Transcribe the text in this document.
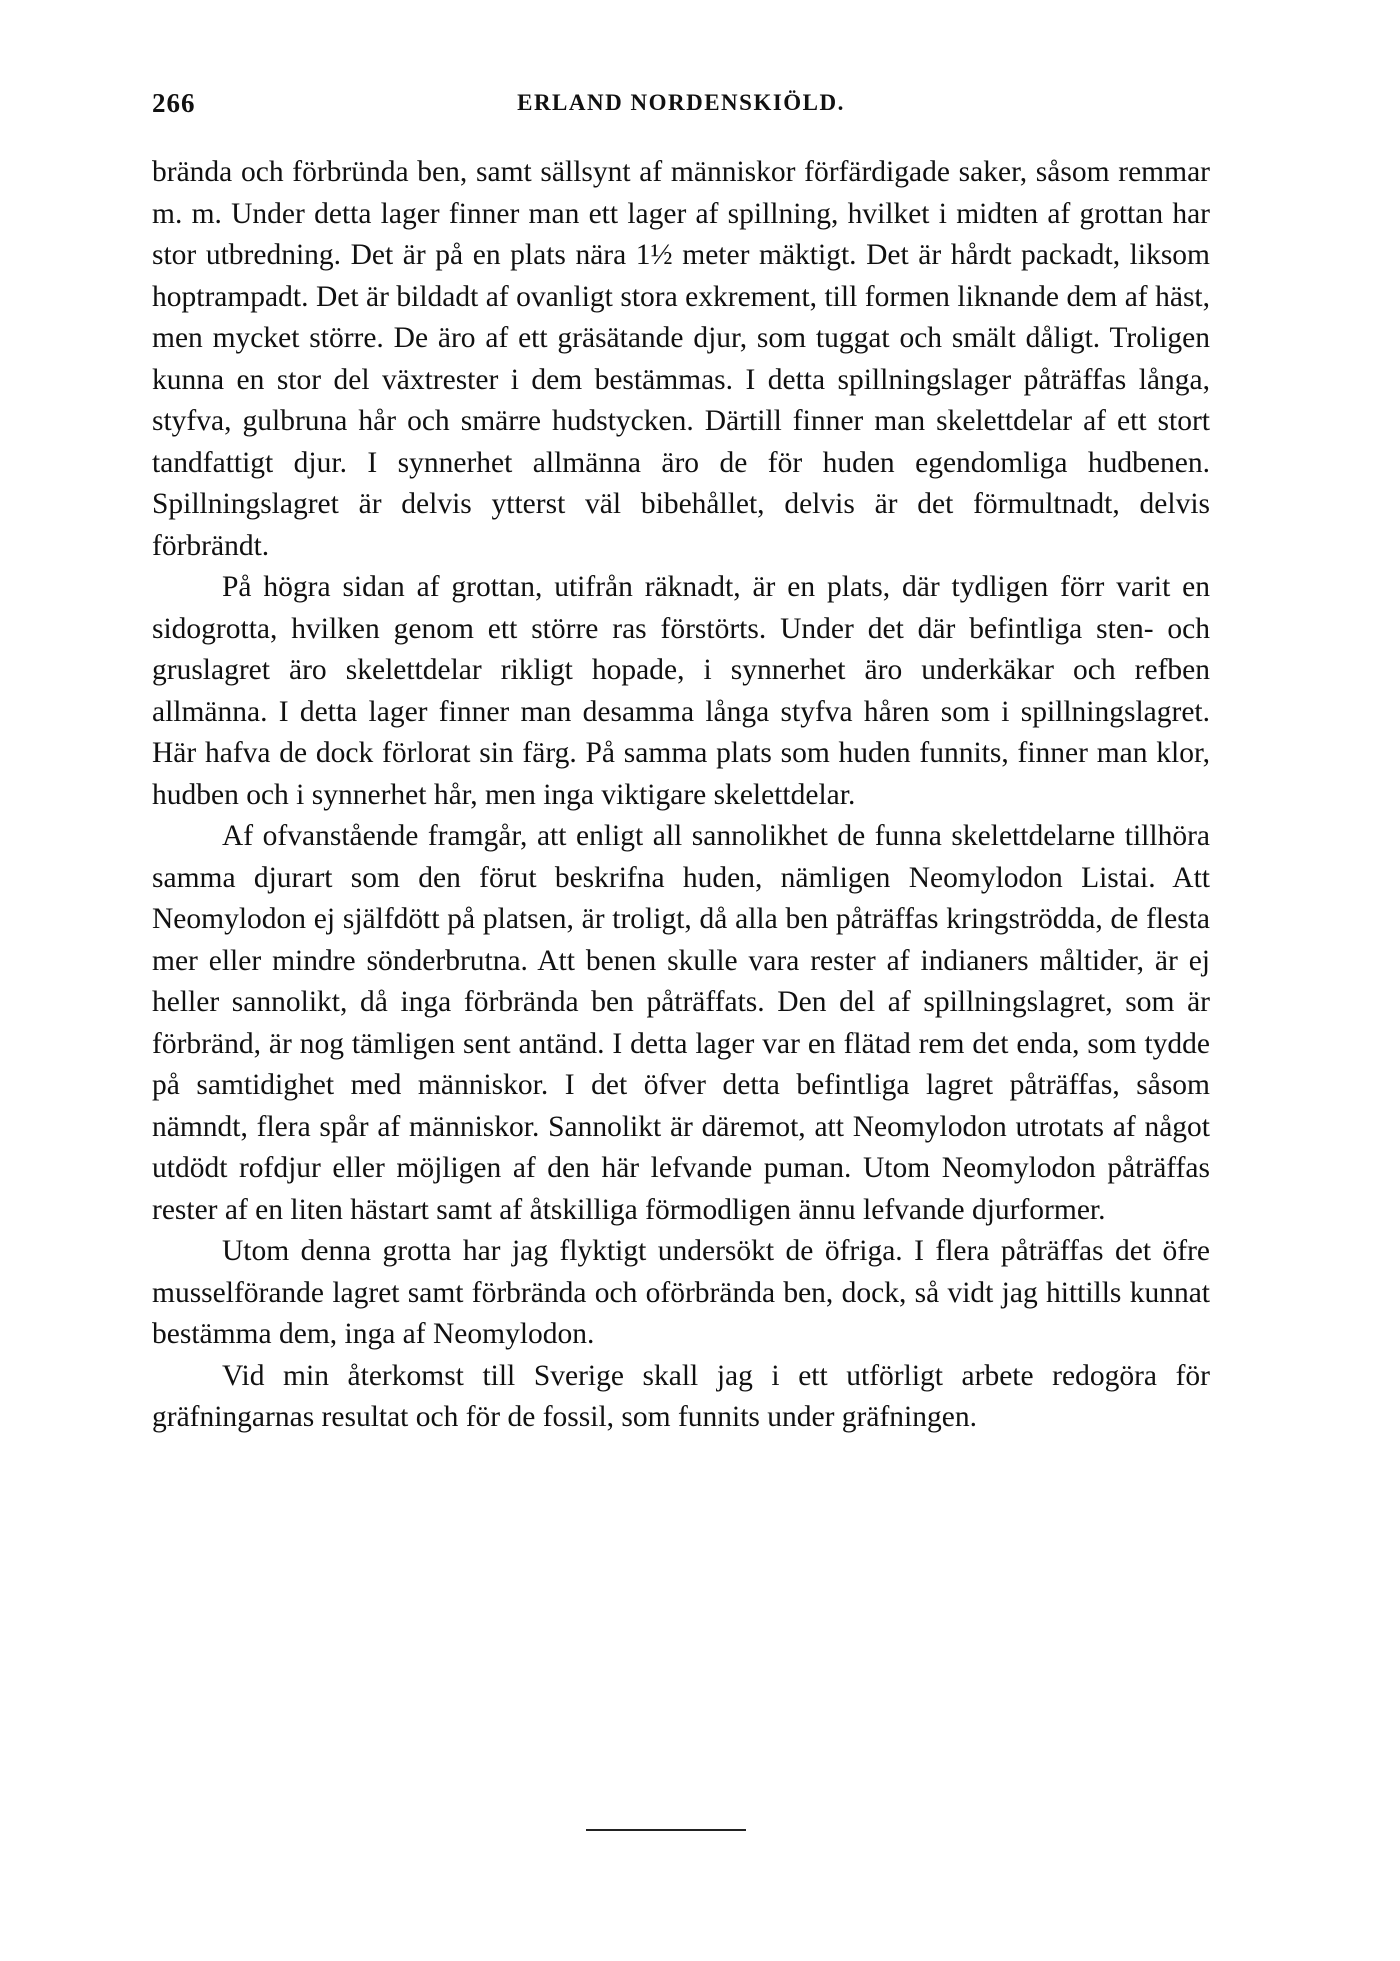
266	ERLAND NORDENSKIÖLD.

brända och förbründa ben, samt sällsynt af människor förfärdigade saker, såsom remmar m. m. Under detta lager finner man ett lager af spillning, hvilket i midten af grottan har stor utbredning. Det är på en plats nära 1½ meter mäktigt. Det är hårdt packadt, liksom hoptrampadt. Det är bildadt af ovanligt stora exkrement, till formen liknande dem af häst, men mycket större. De äro af ett gräsätande djur, som tuggat och smält dåligt. Troligen kunna en stor del växtrester i dem bestämmas. I detta spillningslager påträffas långa, styfva, gulbruna hår och smärre hudstycken. Därtill finner man skelettdelar af ett stort tandfattigt djur. I synnerhet allmänna äro de för huden egendomliga hudbenen. Spillningslagret är delvis ytterst väl bibehållet, delvis är det förmultnadt, delvis förbrändt.

På högra sidan af grottan, utifrån räknadt, är en plats, där tydligen förr varit en sidogrotta, hvilken genom ett större ras förstörts. Under det där befintliga sten- och gruslagret äro skelettdelar rikligt hopade, i synnerhet äro underkäkar och refben allmänna. I detta lager finner man desamma långa styfva håren som i spillningslagret. Här hafva de dock förlorat sin färg. På samma plats som huden funnits, finner man klor, hudben och i synnerhet hår, men inga viktigare skelettdelar.

Af ofvanstående framgår, att enligt all sannolikhet de funna skelettdelarne tillhöra samma djurart som den förut beskrifna huden, nämligen Neomylodon Listai. Att Neomylodon ej själfdött på platsen, är troligt, då alla ben påträffas kringströdda, de flesta mer eller mindre sönderbrutna. Att benen skulle vara rester af indianers måltider, är ej heller sannolikt, då inga förbrända ben påträffats. Den del af spillningslagret, som är förbränd, är nog tämligen sent antänd. I detta lager var en flätad rem det enda, som tydde på samtidighet med människor. I det öfver detta befintliga lagret påträffas, såsom nämndt, flera spår af människor. Sannolikt är däremot, att Neomylodon utrotats af något utdödt rofdjur eller möjligen af den här lefvande puman. Utom Neomylodon påträffas rester af en liten hästart samt af åtskilliga förmodligen ännu lefvande djurformer.

Utom denna grotta har jag flyktigt undersökt de öfriga. I flera påträffas det öfre musselförande lagret samt förbrända och oförbrända ben, dock, så vidt jag hittills kunnat bestämma dem, inga af Neomylodon.

Vid min återkomst till Sverige skall jag i ett utförligt arbete redogöra för gräfningarnas resultat och för de fossil, som funnits under gräfningen.
